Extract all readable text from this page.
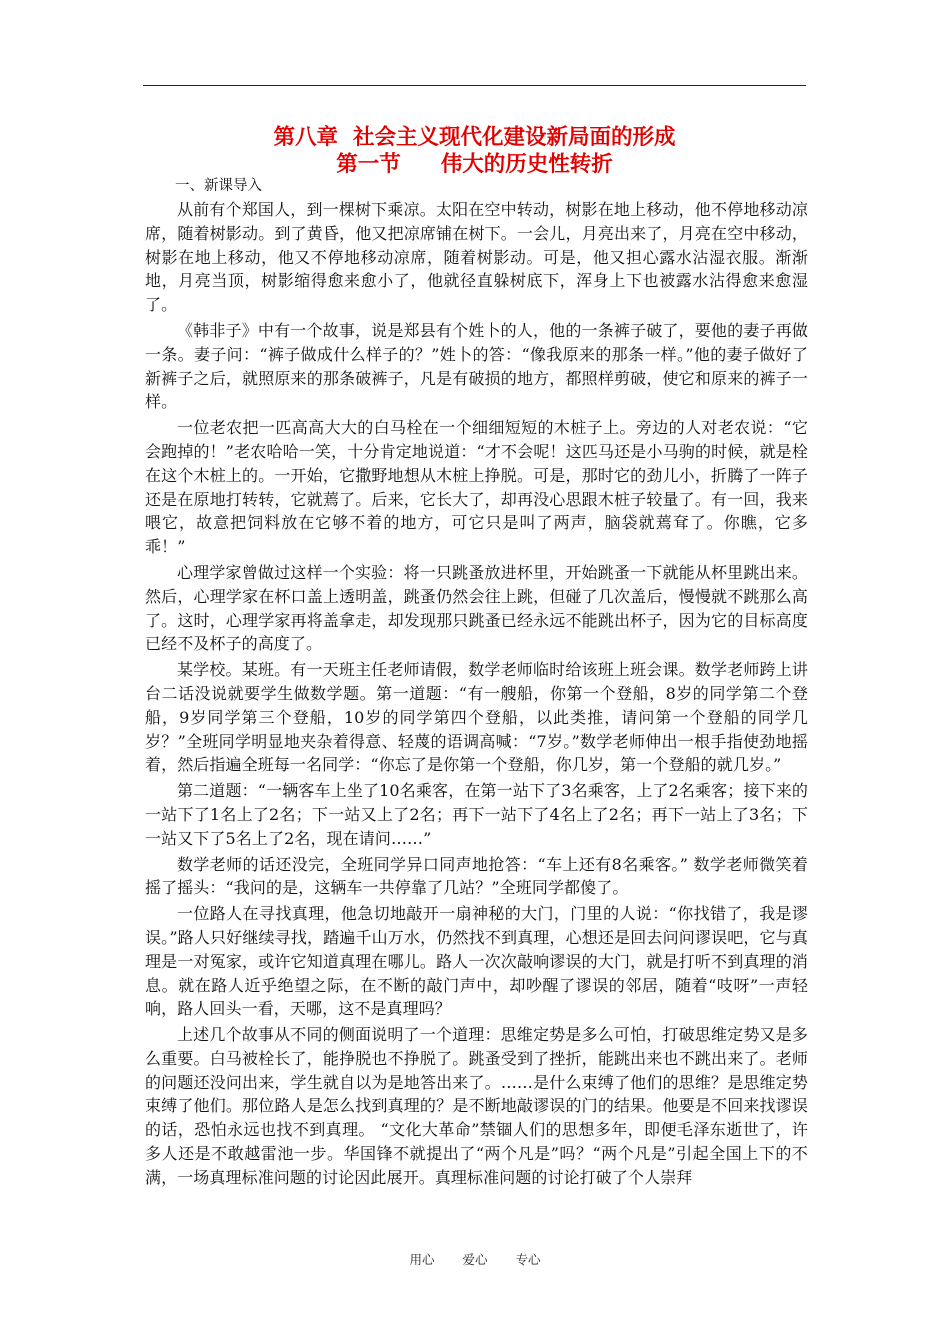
第八章  社会主义现代化建设新局面的形成
第一节 伟大的历史性转折
一、新课导入

从前有个郑国人，到一棵树下乘凉。太阳在空中转动，树影在地上移动，他不停地移动凉席，随着树影动。到了黄昏，他又把凉席铺在树下。一会儿，月亮出来了，月亮在空中移动，树影在地上移动，他又不停地移动凉席，随着树影动。可是，他又担心露水沾湿衣服。渐渐地，月亮当顶，树影缩得愈来愈小了，他就径直躲树底下，浑身上下也被露水沾得愈来愈湿了。

《韩非子》中有一个故事，说是郑县有个姓卜的人，他的一条裤子破了，要他的妻子再做一条。妻子问：“裤子做成什么样子的？”姓卜的答：“像我原来的那条一样。”他的妻子做好了新裤子之后，就照原来的那条破裤子，凡是有破损的地方，都照样剪破，使它和原来的裤子一样。

一位老农把一匹高高大大的白马栓在一个细细短短的木桩子上。旁边的人对老农说：“它会跑掉的！”老农哈哈一笑，十分肯定地说道：“才不会呢！这匹马还是小马驹的时候，就是栓在这个木桩上的。一开始，它撒野地想从木桩上挣脱。可是，那时它的劲儿小，折腾了一阵子还是在原地打转转，它就蔫了。后来，它长大了，却再没心思跟木桩子较量了。有一回，我来喂它，故意把饲料放在它够不着的地方，可它只是叫了两声，脑袋就蔫耷了。你瞧，它多乖！”

心理学家曾做过这样一个实验：将一只跳蚤放进杯里，开始跳蚤一下就能从杯里跳出来。然后，心理学家在杯口盖上透明盖，跳蚤仍然会往上跳，但碰了几次盖后，慢慢就不跳那么高了。这时，心理学家再将盖拿走，却发现那只跳蚤已经永远不能跳出杯子，因为它的目标高度已经不及杯子的高度了。

某学校。某班。有一天班主任老师请假，数学老师临时给该班上班会课。数学老师跨上讲台二话没说就要学生做数学题。第一道题：“有一艘船，你第一个登船，8岁的同学第二个登船，9岁同学第三个登船，10岁的同学第四个登船，以此类推，请问第一个登船的同学几岁？”全班同学明显地夹杂着得意、轻蔑的语调高喊：“7岁。”数学老师伸出一根手指使劲地摇着，然后指遍全班每一名同学：“你忘了是你第一个登船，你几岁，第一个登船的就几岁。”

第二道题：“一辆客车上坐了10名乘客，在第一站下了3名乘客，上了2名乘客；接下来的一站下了1名上了2名；下一站又上了2名；再下一站下了4名上了2名；再下一站上了3名；下一站又下了5名上了2名，现在请问……”

数学老师的话还没完，全班同学异口同声地抢答：“车上还有8名乘客。” 数学老师微笑着摇了摇头：“我问的是，这辆车一共停靠了几站？”全班同学都傻了。

一位路人在寻找真理，他急切地敲开一扇神秘的大门，门里的人说：“你找错了，我是谬误。”路人只好继续寻找，踏遍千山万水，仍然找不到真理，心想还是回去问问谬误吧，它与真理是一对冤家，或许它知道真理在哪儿。路人一次次敲响谬误的大门，就是打听不到真理的消息。就在路人近乎绝望之际，在不断的敲门声中，却吵醒了谬误的邻居，随着“吱呀”一声轻响，路人回头一看，天哪，这不是真理吗？

上述几个故事从不同的侧面说明了一个道理：思维定势是多么可怕，打破思维定势又是多么重要。白马被栓长了，能挣脱也不挣脱了。跳蚤受到了挫折，能跳出来也不跳出来了。老师的问题还没问出来，学生就自以为是地答出来了。……是什么束缚了他们的思维？是思维定势束缚了他们。那位路人是怎么找到真理的？是不断地敲谬误的门的结果。他要是不回来找谬误的话，恐怕永远也找不到真理。 “文化大革命”禁锢人们的思想多年，即便毛泽东逝世了，许多人还是不敢越雷池一步。华国锋不就提出了“两个凡是”吗？“两个凡是”引起全国上下的不满，一场真理标准问题的讨论因此展开。真理标准问题的讨论打破了个人崇拜

用心  爱心  专心
